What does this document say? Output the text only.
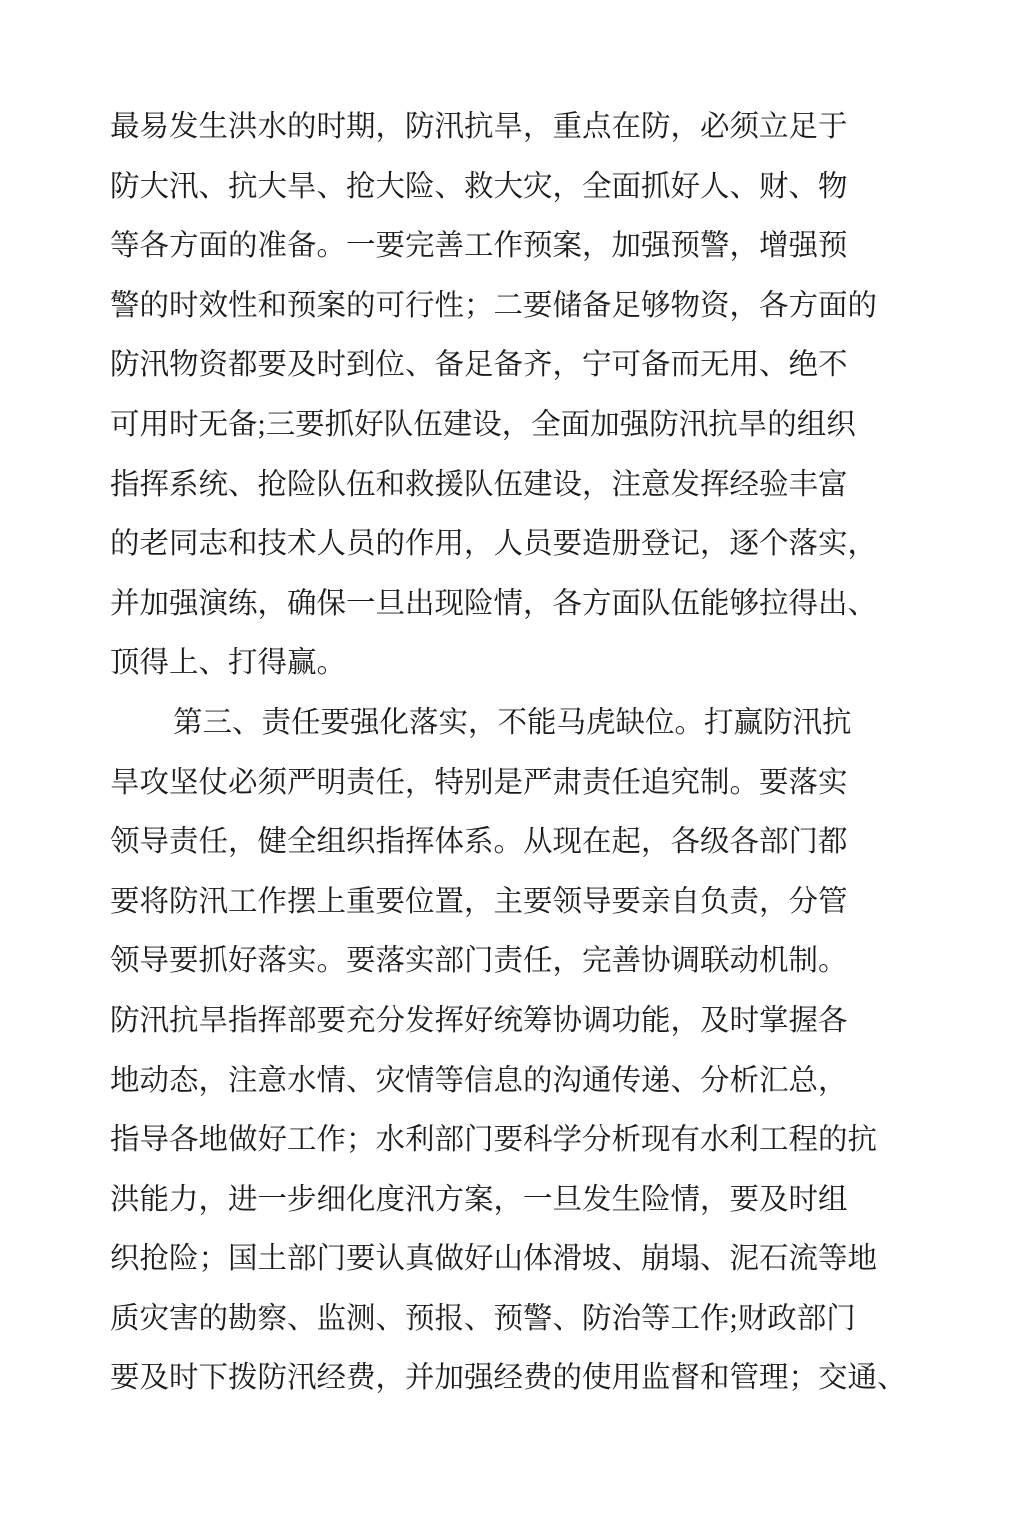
最易发生洪水的时期，防汛抗旱，重点在防，必须立足于
防大汛、抗大旱、抢大险、救大灾，全面抓好人、财、物
等各方面的准备。一要完善工作预案，加强预警，增强预
警的时效性和预案的可行性；二要储备足够物资，各方面的
防汛物资都要及时到位、备足备齐，宁可备而无用、绝不
可用时无备;三要抓好队伍建设，全面加强防汛抗旱的组织
指挥系统、抢险队伍和救援队伍建设，注意发挥经验丰富
的老同志和技术人员的作用，人员要造册登记，逐个落实，
并加强演练，确保一旦出现险情，各方面队伍能够拉得出、
顶得上、打得赢。
第三、责任要强化落实，不能马虎缺位。打赢防汛抗
旱攻坚仗必须严明责任，特别是严肃责任追究制。要落实
领导责任，健全组织指挥体系。从现在起，各级各部门都
要将防汛工作摆上重要位置，主要领导要亲自负责，分管
领导要抓好落实。要落实部门责任，完善协调联动机制。
防汛抗旱指挥部要充分发挥好统筹协调功能，及时掌握各
地动态，注意水情、灾情等信息的沟通传递、分析汇总，
指导各地做好工作；水利部门要科学分析现有水利工程的抗
洪能力，进一步细化度汛方案，一旦发生险情，要及时组
织抢险；国土部门要认真做好山体滑坡、崩塌、泥石流等地
质灾害的勘察、监测、预报、预警、防治等工作;财政部门
要及时下拨防汛经费，并加强经费的使用监督和管理；交通、
